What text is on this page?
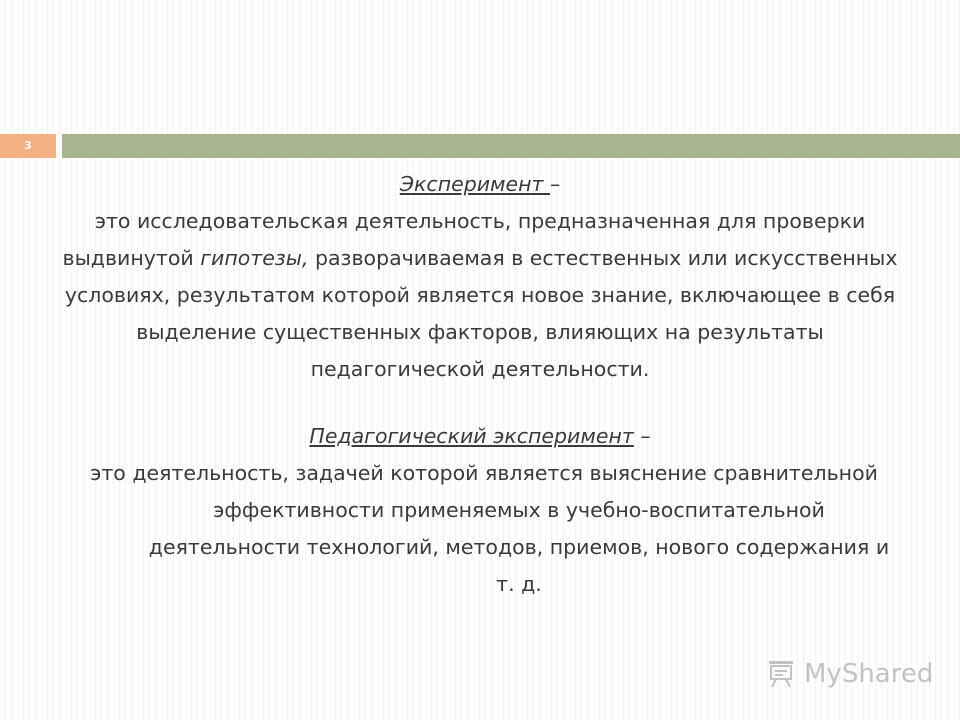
3
Эксперимент –
это исследовательская деятельность, предназначенная для проверки выдвинутой гипотезы, разворачиваемая в естественных или искусственных условиях, результатом которой является новое знание, включающее в себя выделение существенных факторов, влияющих на результаты педагогической деятельности.
Педагогический эксперимент –
это деятельность, задачей которой является выяснение сравнительной эффективности применяемых в учебно-воспитательной деятельности технологий, методов, приемов, нового содержания и т. д.
MyShared
